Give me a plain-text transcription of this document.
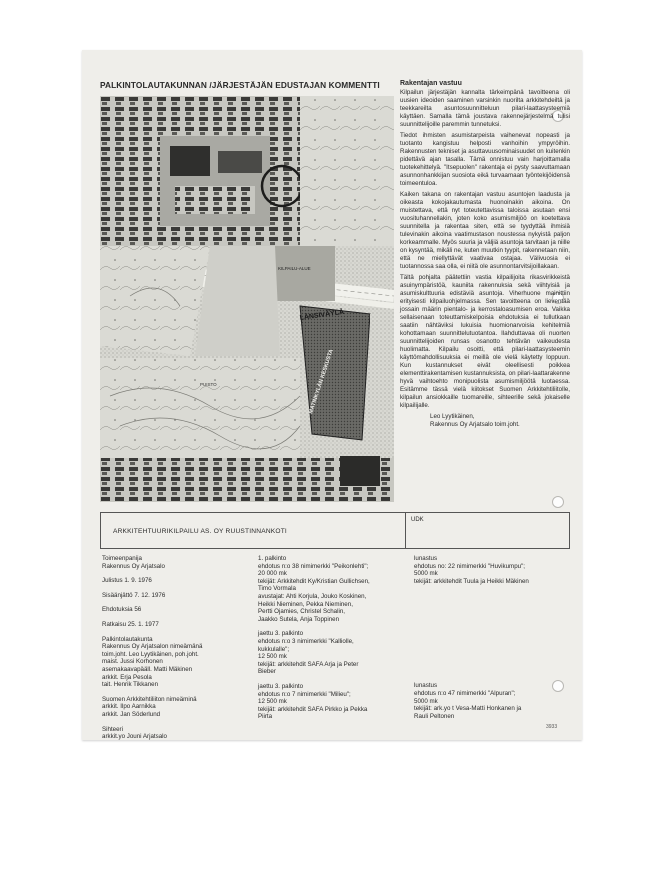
PALKINTOLAUTAKUNNAN /JÄRJESTÄJÄN EDUSTAJAN KOMMENTTI
LÄNSIVÄYLÄ
MATINKYLÄN KESKUSTA
KILPAILU-ALUE
PUISTO
Rakentajan vastuu
Kilpailun järjestäjän kannalta tärkeimpänä tavoitteena oli uusien ideoiden saaminen varsinkin nuorilta arkkitehdeiltä ja teekkareilta asuntosuunnitteluun pilari-laattasysteemiä käyttäen. Samalla tämä joustava rakennejärjestelmä tulisi suunnittelijoille paremmin tunnetuksi.
Tiedot ihmisten asumistarpeista vaihenevat nopeasti ja tuotanto kangistuu helposti vanhoihin ympyröihin. Rakennusten tekniset ja asuttavuusominaisuudet on kuitenkin pidettävä ajan tasalla. Tämä onnistuu vain harjoittamalla tuotekehittelyä. "Itsepuolen" rakentaja ei pysty saavuttamaan asunnonhankkijan suosiota eikä turvaamaan työntekijöidensä toimeentuloa.
Kaiken takana on rakentajan vastuu asuntojen laadusta ja oikeasta kokojakautumasta huonoinakin aikoina. On muistettava, että nyt toteutettavissa taloissa asutaan ensi vuosituhannellakin, joten koko asumismiljöö on koetettava suunnitella ja rakentaa siten, että se tyydyttää ihmisiä tulevinakin aikoina vaatimustason noustessa nykyistä paljon korkeammalle. Myös suuria ja väljiä asuntoja tarvitaan ja niille on kysyntää, mikäli ne, kuten muutkin tyypit, rakennetaan niin, että ne miellyttävät vaativaa ostajaa. Välivuosia ei tuotannossa saa olla, ei niitä ole asunnontarvitsijoillakaan.
Tältä pohjalta päätettiin vastia kilpailijoita rikasvirikkeistä asuinympäristöä, kauniita rakennuksia sekä viihtyisiä ja asumiskulttuuria edistäviä asuntoja. Viherhuone mainittiin erityisesti kilpailuohjelmassa. Sen tavoitteena on lieventää jossain määrin pientalo- ja kerrostaloasumisen eroa. Vaikka sellaisenaan toteuttamiskelpoisia ehdotuksia ei tullutkaan saatiin nähtäviksi lukuisia huomionarvoisia kehitelmiä kohottamaan suunnittelutuotantoa. Ilahduttavaa oli nuorten suunnittelijoiden runsas osanotto tehtävän vaikeudesta huolimatta. Kilpailu osoitti, että pilari-laattasysteemin käyttömahdollisuuksia ei meillä ole vielä käytetty loppuun. Kun kustannukset eivät oleellisesti poikkea elementtirakentamisen kustannuksista, on pilari-laattarakenne hyvä vaihtoehto monipuolista asumismiljöötä luotaessa. Esitämme tässä vielä kiitokset Suomen Arkkitehtiliitolle, kilpailun ansiokkaille tuomareille, sihteerille sekä jokaiselle kilpailijalle.
Leo Lyytikäinen,
Rakennus Oy Arjatsalo toim.joht.
ARKKITEHTUURIKILPAILU AS. OY RUUSTINNANKOTI
UDK
Toimeenpanija
Rakennus Oy Arjatsalo
Julistus 1. 9. 1976
Sisäänjättö 7. 12. 1976
Ehdotuksia 56
Ratkaisu 25. 1. 1977
Palkintolautakunta
Rakennus Oy Arjatsalon nimeämänä
toim.joht. Leo Lyytikäinen, poh.joht.
maist. Jussi Korhonen
asemakaavapääll. Matti Mäkinen
arkkit. Erja Pesola
tait. Henrik Tikkanen
Suomen Arkkitehtiliiton nimeäminä
arkkit. Ilpo Aarnikka
arkkit. Jan Söderlund
Sihteeri
arkkit.yo Jouni Arjatsalo
1. palkinto
ehdotus n:o 38 nimimerkki "Peikonlehti";
20 000 mk
tekijät: Arkkitehdit Ky/Kristian Gullichsen,
Timo Vormala
avustajat: Ahti Korjula, Jouko Koskinen,
Heikki Nieminen, Pekka Nieminen,
Pertti Ojamies, Christel Schalin,
Jaakko Sutela, Anja Toppinen
jaettu 3. palkinto
ehdotus n:o 3 nimimerkki "Kalliolle,
kukkulalle";
12 500 mk
tekijät: arkkitehdit SAFA Arja ja Peter
Bieber
jaettu 3. palkinto
ehdotus n:o 7 nimimerkki "Milieu";
12 500 mk
tekijät: arkkitehdit SAFA Pirkko ja Pekka
Piirta
lunastus
ehdotus no: 22 nimimerkki "Huvikumpu";
5000 mk
tekijät: arkkitehdit Tuula ja Heikki Mäkinen
lunastus
ehdotus n:o 47 nimimerkki "Alpuran";
5000 mk
tekijät: ark.yo t Vesa-Matti Honkanen ja
Rauli Peltonen
3933
